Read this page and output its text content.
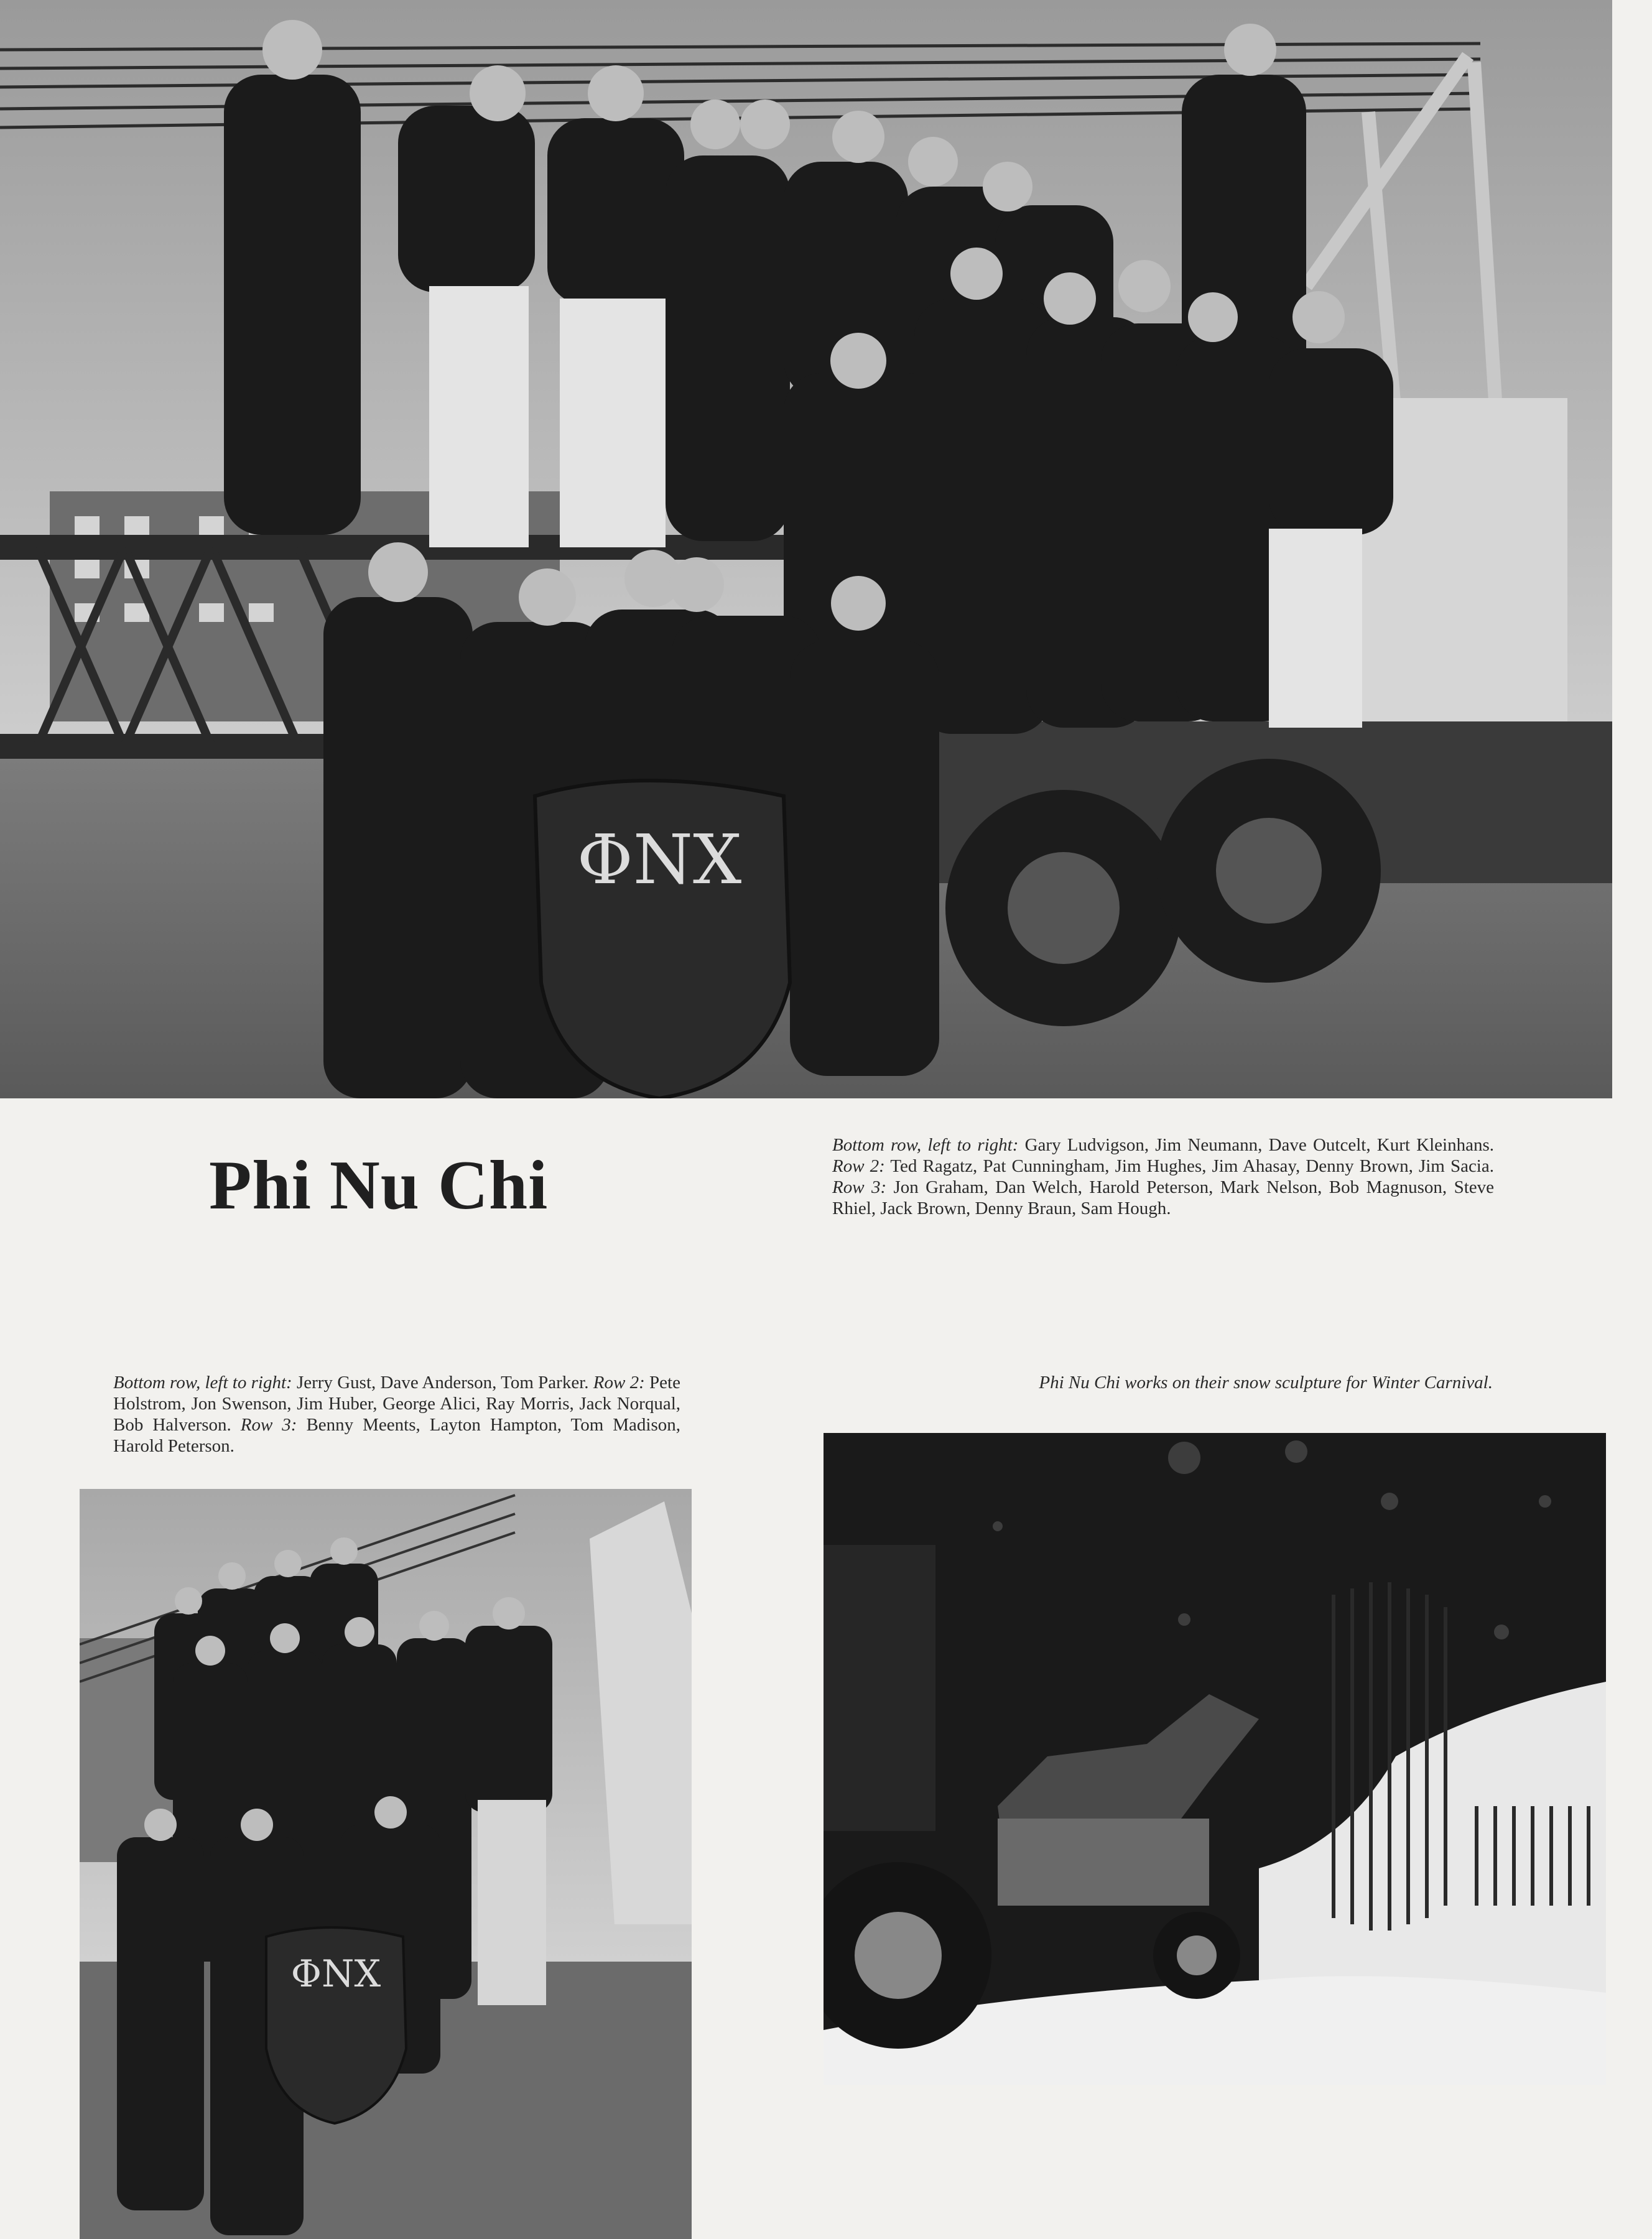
ΦΝΧ
Phi Nu Chi

Bottom row, left to right: Gary Ludvigson, Jim Neumann, Dave Outcelt, Kurt Kleinhans. Row 2: Ted Ragatz, Pat Cunningham, Jim Hughes, Jim Ahasay, Denny Brown, Jim Sacia. Row 3: Jon Graham, Dan Welch, Harold Peterson, Mark Nelson, Bob Magnuson, Steve Rhiel, Jack Brown, Denny Braun, Sam Hough.

Bottom row, left to right: Jerry Gust, Dave Anderson, Tom Parker. Row 2: Pete Holstrom, Jon Swenson, Jim Huber, George Alici, Ray Morris, Jack Norqual, Bob Halverson. Row 3: Benny Meents, Layton Hampton, Tom Madison, Harold Peterson.

Phi Nu Chi works on their snow sculpture for Winter Carnival.

ΦΝΧ
